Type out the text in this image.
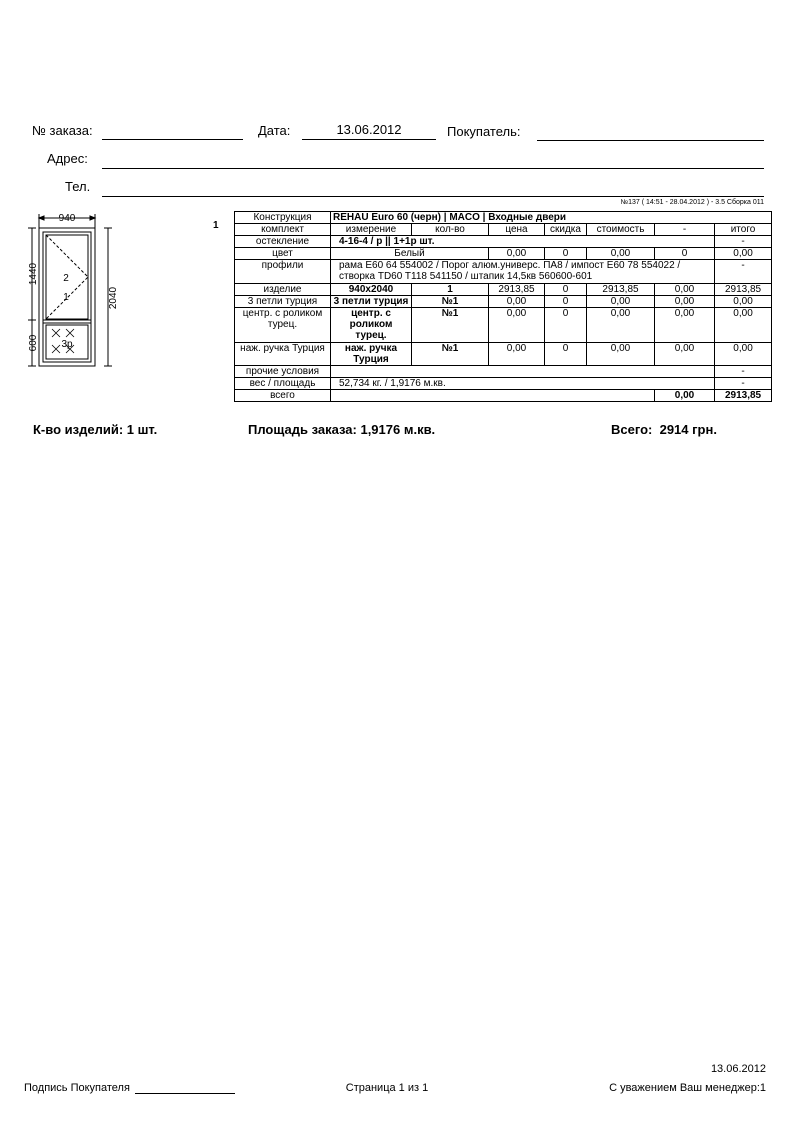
№ заказа:	Дата:	13.06.2012	Покупатель:
Адрес:
Тел.
№137 ( 14:51 - 28.04.2012 ) - 3.5 Сборка 011
940
2040
1440
600
2
1
3р
1
Конструкция	REHAU Euro 60 (черн) | MACO | Входные двери						
комплект	измерение	кол-во	цена	скидка	стоимость	-	итого
остекление	4-16-4 / р || 1+1р шт.						-
цвет	Белый		0,00	0	0,00	0	0,00
профили	рама Е60 64 554002 / Порог алюм.универс. ПА8 / импост Е60 78 554022 / створка TD60 T118 541150 / штапик 14,5кв 560600-601						-
изделие	940x2040	1	2913,85	0	2913,85	0,00	2913,85
3 петли турция	3 петли турция	№1	0,00	0	0,00	0,00	0,00
центр. с роликом турец.	центр. с роликом турец.	№1	0,00	0	0,00	0,00	0,00
наж. ручка Турция	наж. ручка Турция	№1	0,00	0	0,00	0,00	0,00
прочие условия							-
вес / площадь	52,734 кг. / 1,9176 м.кв.						-
всего						0,00	2913,85
К-во изделий: 1 шт.	Площадь заказа: 1,9176 м.кв.	Всего:  2914 грн.
13.06.2012
Подпись Покупателя	Страница 1 из 1	С уважением Ваш менеджер:1
